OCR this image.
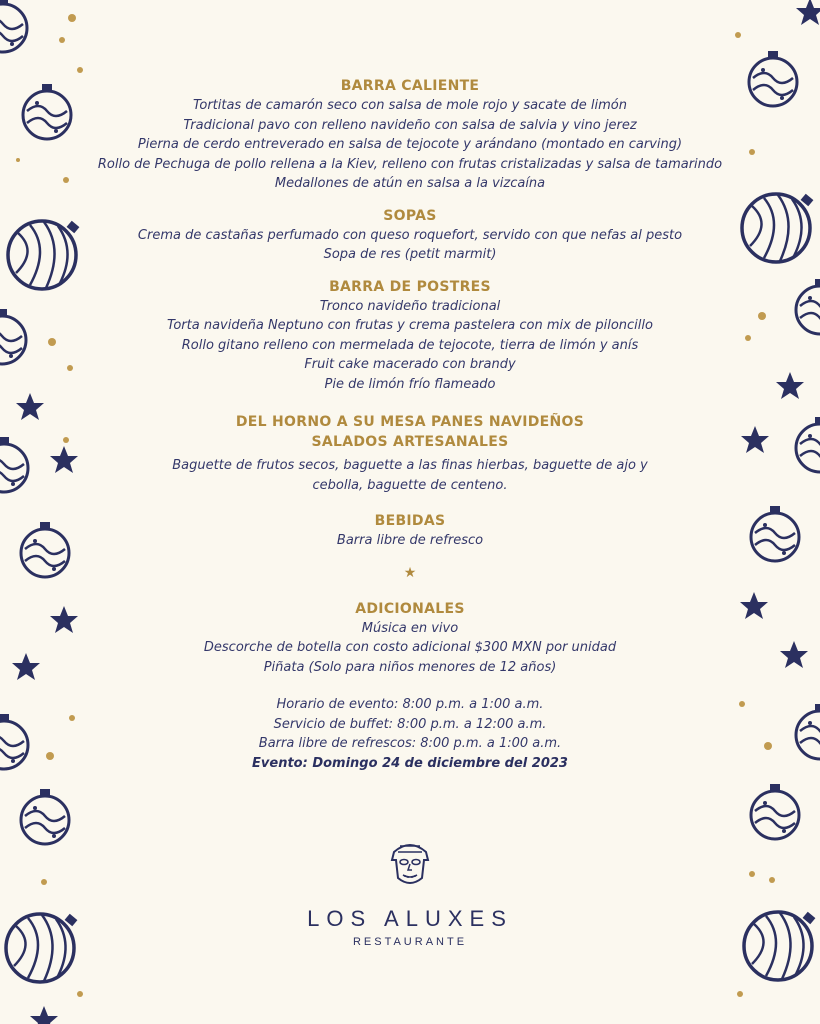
BARRA CALIENTE

Tortitas de camarón seco con salsa de mole rojo y sacate de limón

Tradicional pavo con relleno navideño con salsa de salvia y vino jerez

Pierna de cerdo entreverado en salsa de tejocote y arándano (montado en carving)

Rollo de Pechuga de pollo rellena a la Kiev, relleno con frutas cristalizadas y salsa de tamarindo

Medallones de atún en salsa a la vizcaína

SOPAS

Crema de castañas perfumado con queso roquefort, servido con que nefas al pesto

Sopa de res (petit marmit)

BARRA DE POSTRES

Tronco navideño tradicional

Torta navideña Neptuno con frutas y crema pastelera con mix de piloncillo

Rollo gitano relleno con mermelada de tejocote, tierra de limón y anís

Fruit cake macerado con brandy

Pie de limón frío flameado

DEL HORNO A SU MESA PANES NAVIDEÑOS

SALADOS ARTESANALES

Baguette de frutos secos, baguette a las finas hierbas, baguette de ajo y

cebolla, baguette de centeno.

BEBIDAS

Barra libre de refresco

★

ADICIONALES

Música en vivo

Descorche de botella con costo adicional $300 MXN por unidad

Piñata (Solo para niños menores de 12 años)

Horario de evento: 8:00 p.m. a 1:00 a.m.

Servicio de buffet: 8:00 p.m. a 12:00 a.m.

Barra libre de refrescos: 8:00 p.m. a 1:00 a.m.

Evento: Domingo 24 de diciembre del 2023

LOS ALUXES
RESTAURANTE
